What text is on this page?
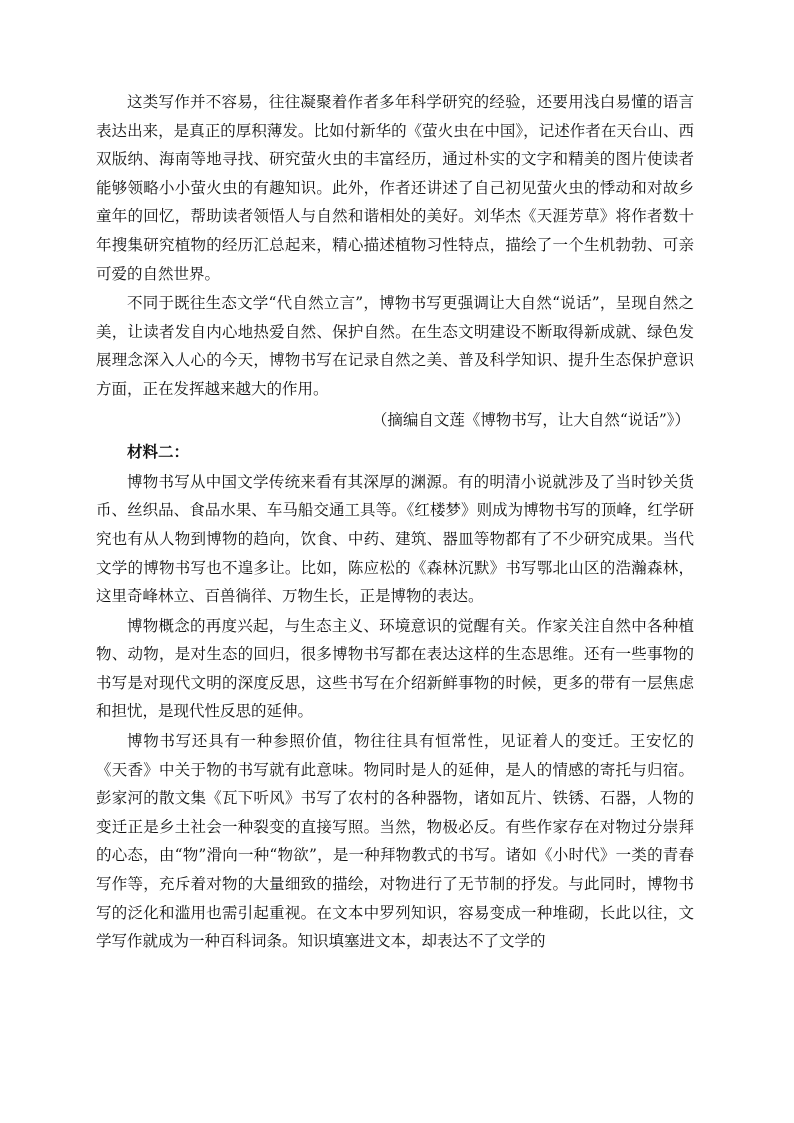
这类写作并不容易，往往凝聚着作者多年科学研究的经验，还要用浅白易懂的语言表达出来，是真正的厚积薄发。比如付新华的《萤火虫在中国》，记述作者在天台山、西双版纳、海南等地寻找、研究萤火虫的丰富经历，通过朴实的文字和精美的图片使读者能够领略小小萤火虫的有趣知识。此外，作者还讲述了自己初见萤火虫的悸动和对故乡童年的回忆，帮助读者领悟人与自然和谐相处的美好。刘华杰《天涯芳草》将作者数十年搜集研究植物的经历汇总起来，精心描述植物习性特点，描绘了一个生机勃勃、可亲可爱的自然世界。

不同于既往生态文学“代自然立言”，博物书写更强调让大自然“说话”，呈现自然之美，让读者发自内心地热爱自然、保护自然。在生态文明建设不断取得新成就、绿色发展理念深入人心的今天，博物书写在记录自然之美、普及科学知识、提升生态保护意识方面，正在发挥越来越大的作用。

（摘编自文莲《博物书写，让大自然“说话”》）

材料二：

博物书写从中国文学传统来看有其深厚的渊源。有的明清小说就涉及了当时钞关货币、丝织品、食品水果、车马船交通工具等。《红楼梦》则成为博物书写的顶峰，红学研究也有从人物到博物的趋向，饮食、中药、建筑、器皿等物都有了不少研究成果。当代文学的博物书写也不遑多让。比如，陈应松的《森林沉默》书写鄂北山区的浩瀚森林，这里奇峰林立、百兽徜徉、万物生长，正是博物的表达。

博物概念的再度兴起，与生态主义、环境意识的觉醒有关。作家关注自然中各种植物、动物，是对生态的回归，很多博物书写都在表达这样的生态思维。还有一些事物的书写是对现代文明的深度反思，这些书写在介绍新鲜事物的时候，更多的带有一层焦虑和担忧，是现代性反思的延伸。

博物书写还具有一种参照价值，物往往具有恒常性，见证着人的变迁。王安忆的《天香》中关于物的书写就有此意味。物同时是人的延伸，是人的情感的寄托与归宿。彭家河的散文集《瓦下听风》书写了农村的各种器物，诸如瓦片、铁锈、石器，人物的变迁正是乡土社会一种裂变的直接写照。当然，物极必反。有些作家存在对物过分崇拜的心态，由“物”滑向一种“物欲”，是一种拜物教式的书写。诸如《小时代》一类的青春写作等，充斥着对物的大量细致的描绘，对物进行了无节制的抒发。与此同时，博物书写的泛化和滥用也需引起重视。在文本中罗列知识，容易变成一种堆砌，长此以往，文学写作就成为一种百科词条。知识填塞进文本，却表达不了文学的
